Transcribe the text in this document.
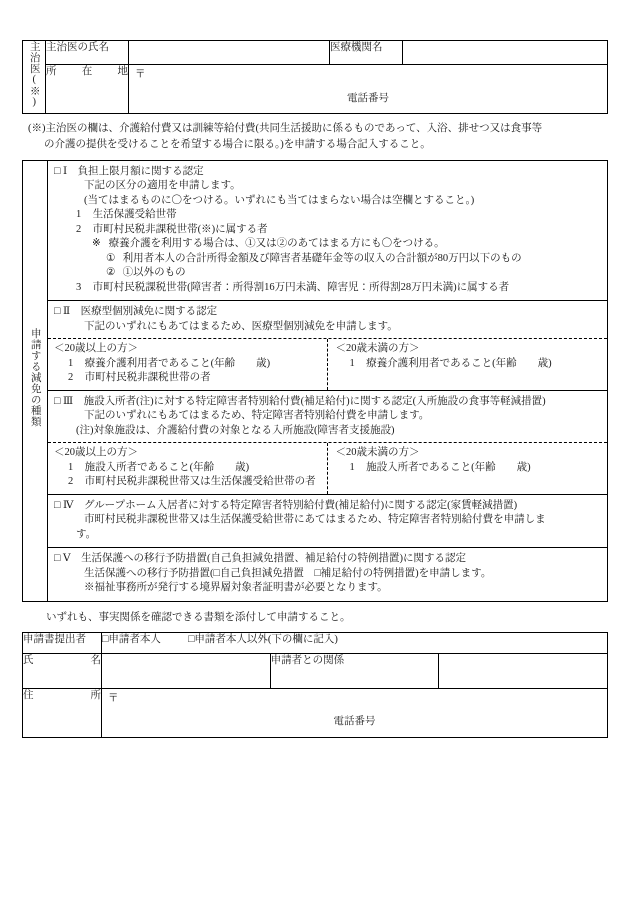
主治医(※)	主治医の氏名		医療機関名	
	所　在　地	〒
電話番号		
(※)主治医の欄は、介護給付費又は訓練等給付費(共同生活援助に係るものであって、入浴、排せつ又は食事等
の介護の提供を受けることを希望する場合に限る。)を申請する場合記入すること。
申請する減免の種類	
□ Ⅰ 負担上限月額に関する認定
下記の区分の適用を申請します。
(当てはまるものに〇をつける。いずれにも当てはまらない場合は空欄とすること。)
1 生活保護受給世帯
2 市町村民税非課税世帯(※)に属する者
※ 療養介護を利用する場合は、①又は②のあてはまる方にも〇をつける。
① 利用者本人の合計所得金額及び障害者基礎年金等の収入の合計額が80万円以下のもの
② ①以外のもの
3 市町村民税課税世帯(障害者：所得割16万円未満、障害児：所得割28万円未満)に属する者
□ Ⅱ 医療型個別減免に関する認定
下記のいずれにもあてはまるため、医療型個別減免を申請します。
＜20歳以上の方＞
1 療養介護利用者であること(年齢　　歳)
2 市町村民税非課税世帯の者
＜20歳未満の方＞
1 療養介護利用者であること(年齢　　歳)
□ Ⅲ 施設入所者(注)に対する特定障害者特別給付費(補足給付)に関する認定(入所施設の食事等軽減措置)
下記のいずれにもあてはまるため、特定障害者特別給付費を申請します。
(注)対象施設は、介護給付費の対象となる入所施設(障害者支援施設)
＜20歳以上の方＞
1 施設入所者であること(年齢　　歳)
2 市町村民税非課税世帯又は生活保護受給世帯の者
＜20歳未満の方＞
1 施設入所者であること(年齢　　歳)
□ Ⅳ グループホーム入居者に対する特定障害者特別給付費(補足給付)に関する認定(家賃軽減措置)
市町村民税非課税世帯又は生活保護受給世帯にあてはまるため、特定障害者特別給付費を申請しま
す。
□ Ⅴ 生活保護への移行予防措置(自己負担減免措置、補足給付の特例措置)に関する認定
生活保護への移行予防措置(□自己負担減免措置　□補足給付の特例措置)を申請します。
※福祉事務所が発行する境界層対象者証明書が必要となります。
いずれも、事実関係を確認できる書類を添付して申請すること。
申請書提出者	□申請者本人 □申請者本人以外(下の欄に記入)		
氏　　　　名		申請者との関係	
住　　　　所	〒
電話番号		
